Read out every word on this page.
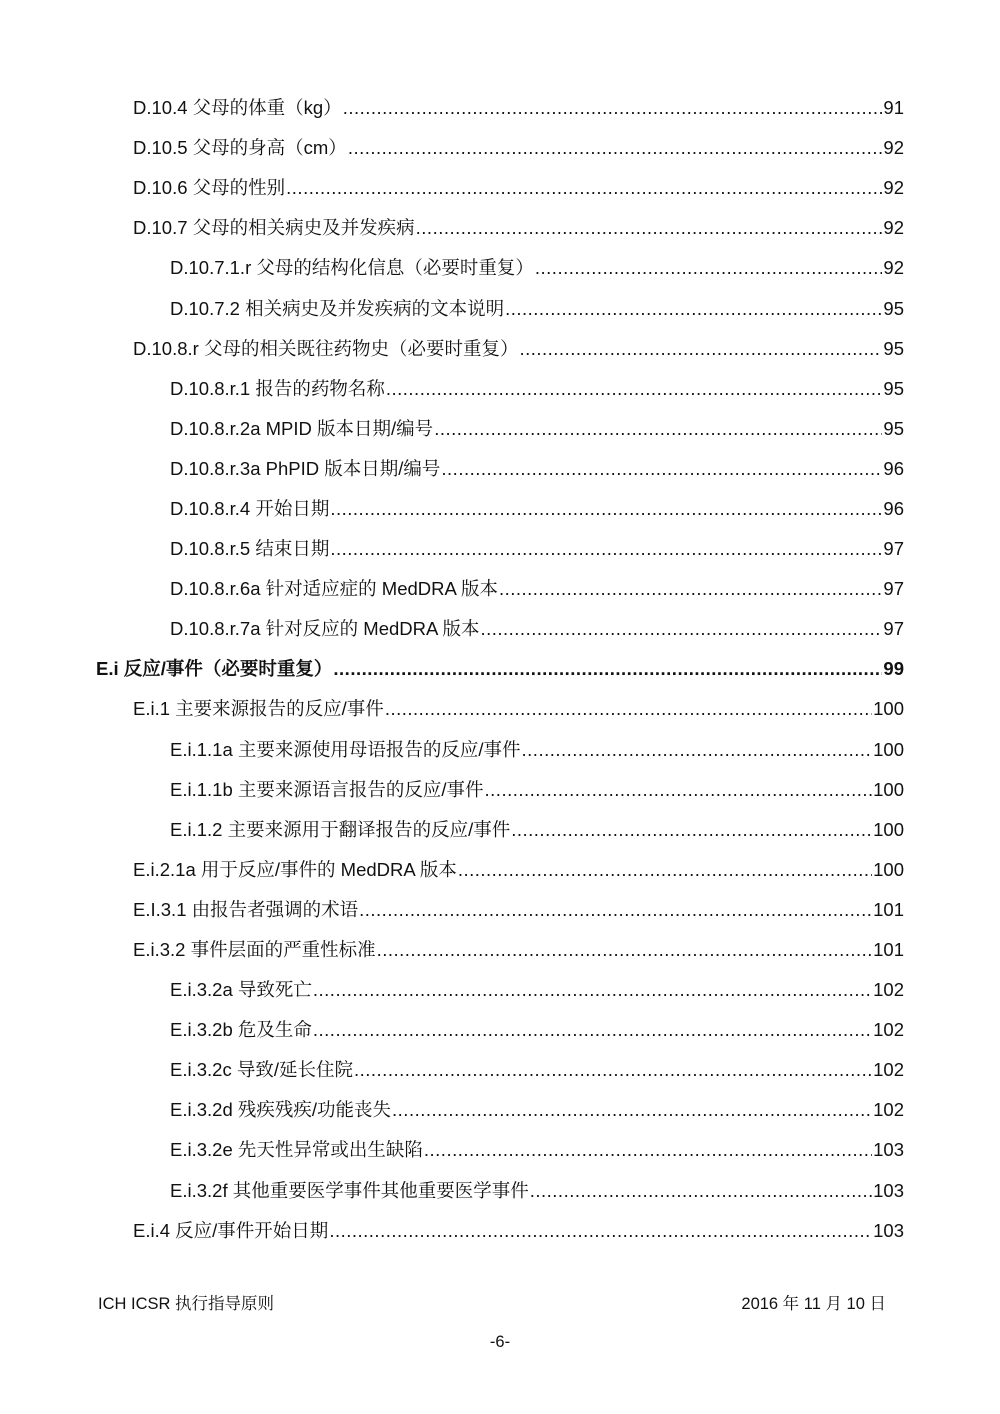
D.10.4 父母的体重（kg） .....	91
D.10.5 父母的身高（cm） .....	92
D.10.6 父母的性别 .....	92
D.10.7 父母的相关病史及并发疾病 .....	92
D.10.7.1.r 父母的结构化信息（必要时重复） .....	92
D.10.7.2 相关病史及并发疾病的文本说明 .....	95
D.10.8.r 父母的相关既往药物史（必要时重复） .....	95
D.10.8.r.1 报告的药物名称 .....	95
D.10.8.r.2a MPID 版本日期/编号 .....	95
D.10.8.r.3a PhPID 版本日期/编号 .....	96
D.10.8.r.4 开始日期 .....	96
D.10.8.r.5 结束日期 .....	97
D.10.8.r.6a 针对适应症的 MedDRA 版本 .....	97
D.10.8.r.7a 针对反应的 MedDRA 版本 .....	97
E.i 反应/事件（必要时重复） .....	99
E.i.1 主要来源报告的反应/事件 .....	100
E.i.1.1a 主要来源使用母语报告的反应/事件 .....	100
E.i.1.1b 主要来源语言报告的反应/事件 .....	100
E.i.1.2 主要来源用于翻译报告的反应/事件 .....	100
E.i.2.1a 用于反应/事件的 MedDRA 版本 .....	100
E.I.3.1 由报告者强调的术语 .....	101
E.i.3.2 事件层面的严重性标准 .....	101
E.i.3.2a 导致死亡 .....	102
E.i.3.2b 危及生命 .....	102
E.i.3.2c 导致/延长住院 .....	102
E.i.3.2d 残疾残疾/功能丧失 .....	102
E.i.3.2e 先天性异常或出生缺陷 .....	103
E.i.3.2f 其他重要医学事件其他重要医学事件 .....	103
E.i.4 反应/事件开始日期 .....	103
ICH ICSR 执行指导原则	2016 年 11 月 10 日
-6-
